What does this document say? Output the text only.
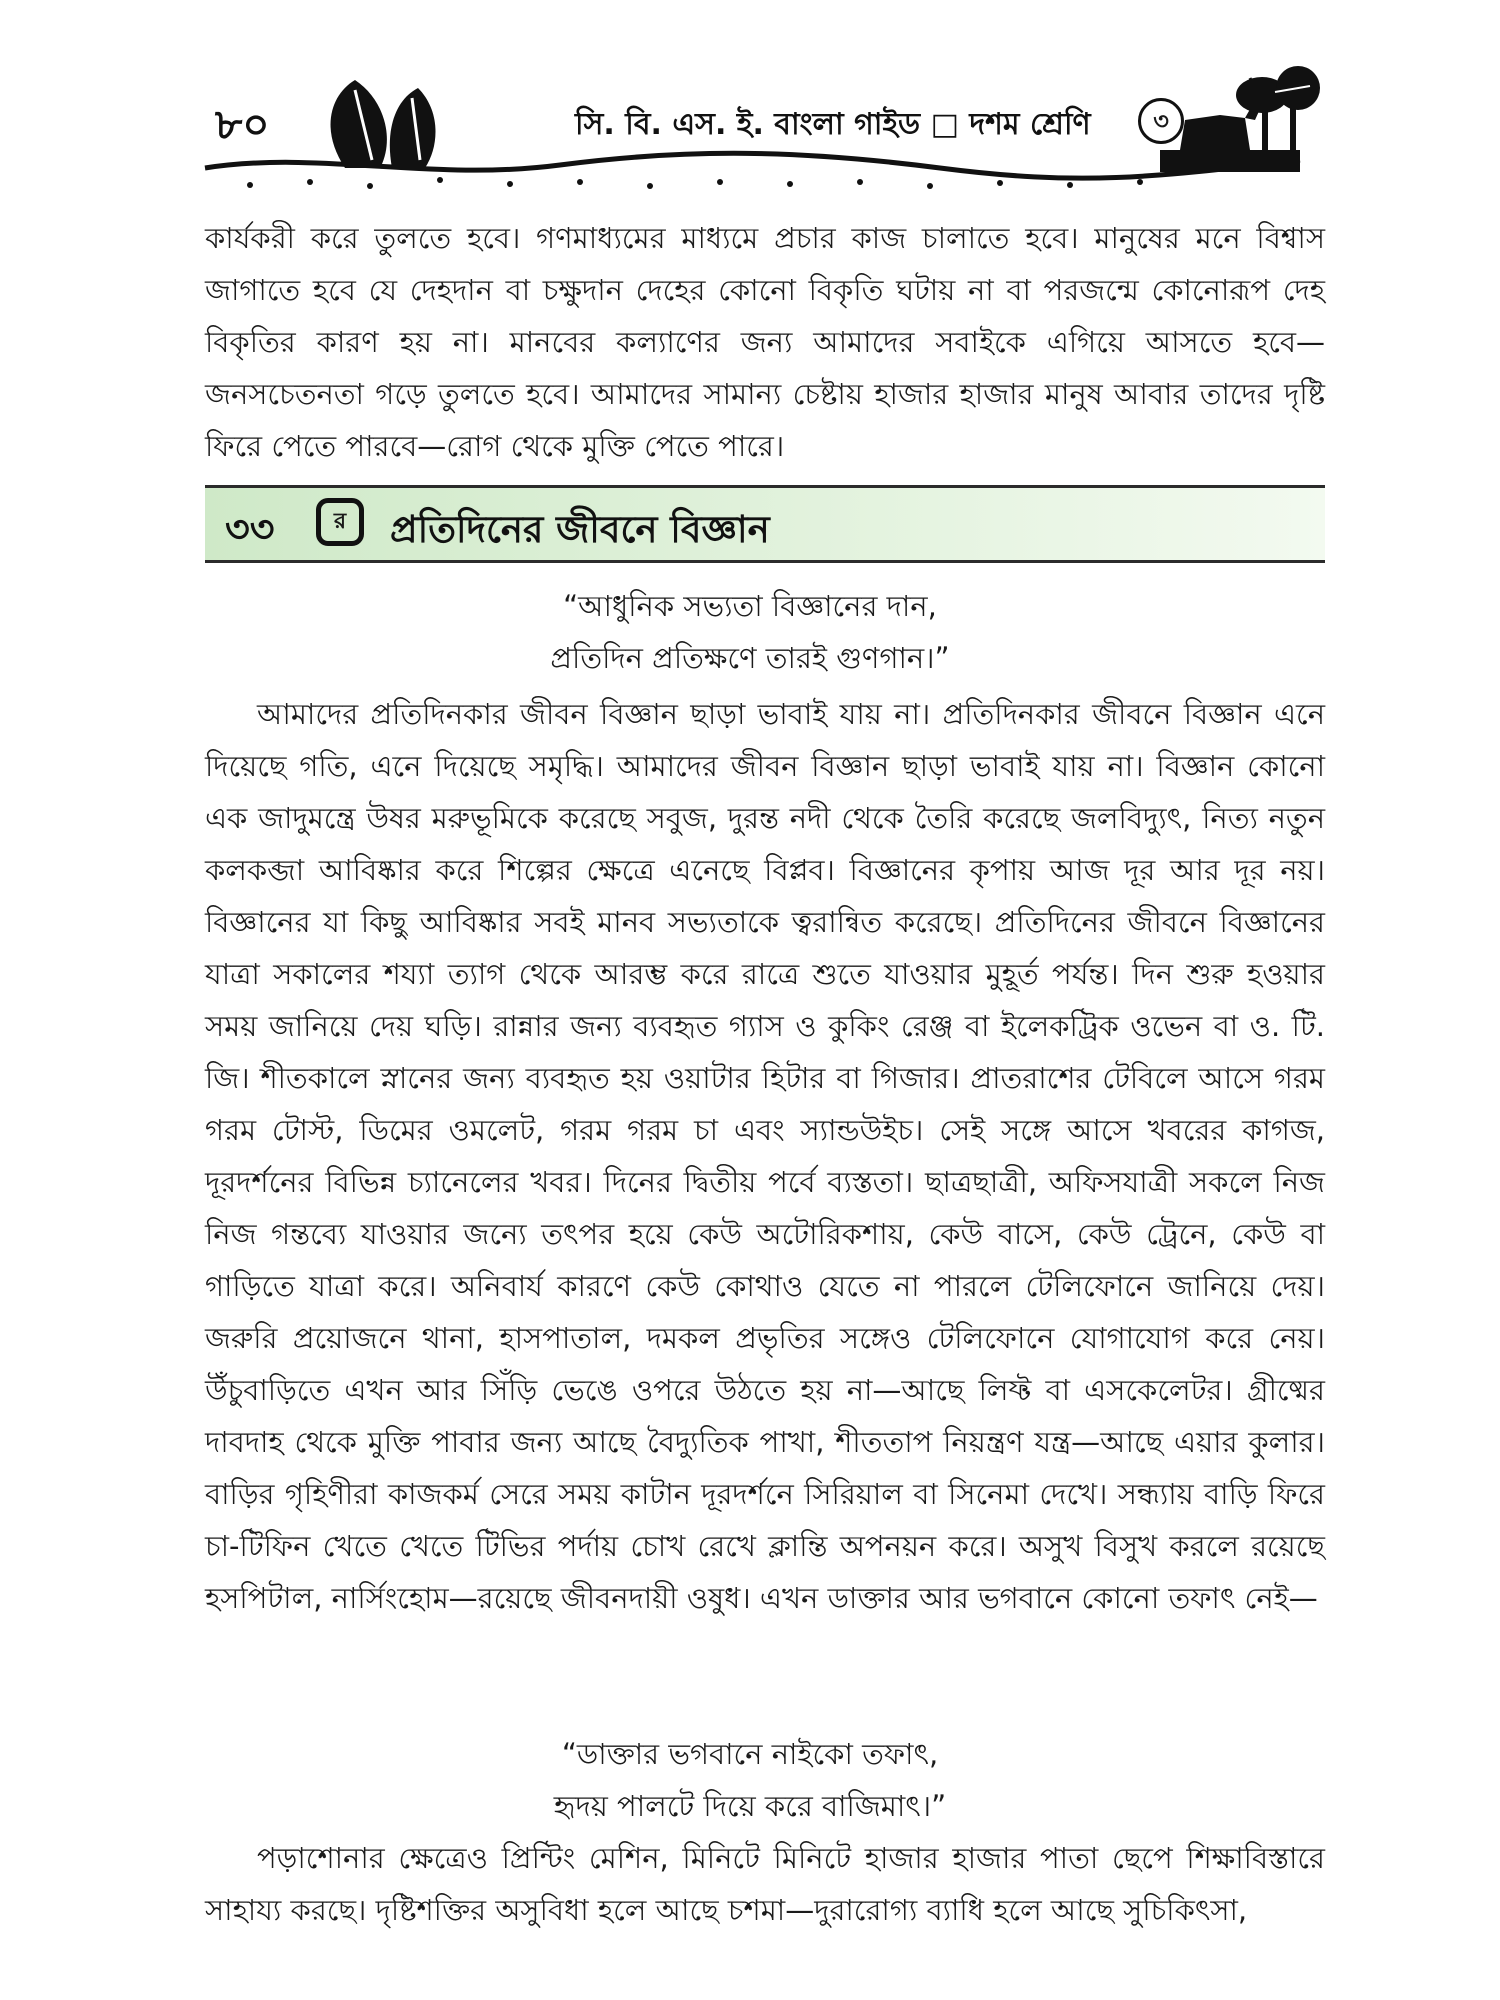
৮০	সি. বি. এস. ই. বাংলা গাইড □ দশম শ্রেণি	৩
কার্যকরী করে তুলতে হবে। গণমাধ্যমের মাধ্যমে প্রচার কাজ চালাতে হবে। মানুষের মনে বিশ্বাস জাগাতে হবে যে দেহদান বা চক্ষুদান দেহের কোনো বিকৃতি ঘটায় না বা পরজন্মে কোনোরূপ দেহ বিকৃতির কারণ হয় না। মানবের কল্যাণের জন্য আমাদের সবাইকে এগিয়ে আসতে হবে—জনসচেতনতা গড়ে তুলতে হবে। আমাদের সামান্য চেষ্টায় হাজার হাজার মানুষ আবার তাদের দৃষ্টি ফিরে পেতে পারবে—রোগ থেকে মুক্তি পেতে পারে।
৩৩	র	প্রতিদিনের জীবনে বিজ্ঞান
“আধুনিক সভ্যতা বিজ্ঞানের দান,
প্রতিদিন প্রতিক্ষণে তারই গুণগান।”
আমাদের প্রতিদিনকার জীবন বিজ্ঞান ছাড়া ভাবাই যায় না। প্রতিদিনকার জীবনে বিজ্ঞান এনে দিয়েছে গতি, এনে দিয়েছে সমৃদ্ধি। আমাদের জীবন বিজ্ঞান ছাড়া ভাবাই যায় না। বিজ্ঞান কোনো এক জাদুমন্ত্রে উষর মরুভূমিকে করেছে সবুজ, দুরন্ত নদী থেকে তৈরি করেছে জলবিদ্যুৎ, নিত্য নতুন কলকব্জা আবিষ্কার করে শিল্পের ক্ষেত্রে এনেছে বিপ্লব। বিজ্ঞানের কৃপায় আজ দূর আর দূর নয়। বিজ্ঞানের যা কিছু আবিষ্কার সবই মানব সভ্যতাকে ত্বরান্বিত করেছে। প্রতিদিনের জীবনে বিজ্ঞানের যাত্রা সকালের শয্যা ত্যাগ থেকে আরম্ভ করে রাত্রে শুতে যাওয়ার মুহূর্ত পর্যন্ত। দিন শুরু হওয়ার সময় জানিয়ে দেয় ঘড়ি। রান্নার জন্য ব্যবহৃত গ্যাস ও কুকিং রেঞ্জ বা ইলেকট্রিক ওভেন বা ও. টি. জি। শীতকালে স্নানের জন্য ব্যবহৃত হয় ওয়াটার হিটার বা গিজার। প্রাতরাশের টেবিলে আসে গরম গরম টোস্ট, ডিমের ওমলেট, গরম গরম চা এবং স্যান্ডউইচ। সেই সঙ্গে আসে খবরের কাগজ, দূরদর্শনের বিভিন্ন চ্যানেলের খবর। দিনের দ্বিতীয় পর্বে ব্যস্ততা। ছাত্রছাত্রী, অফিসযাত্রী সকলে নিজ নিজ গন্তব্যে যাওয়ার জন্যে তৎপর হয়ে কেউ অটোরিকশায়, কেউ বাসে, কেউ ট্রেনে, কেউ বা গাড়িতে যাত্রা করে। অনিবার্য কারণে কেউ কোথাও যেতে না পারলে টেলিফোনে জানিয়ে দেয়। জরুরি প্রয়োজনে থানা, হাসপাতাল, দমকল প্রভৃতির সঙ্গেও টেলিফোনে যোগাযোগ করে নেয়। উঁচুবাড়িতে এখন আর সিঁড়ি ভেঙে ওপরে উঠতে হয় না—আছে লিফ্ট বা এসকেলেটর। গ্রীষ্মের দাবদাহ থেকে মুক্তি পাবার জন্য আছে বৈদ্যুতিক পাখা, শীততাপ নিয়ন্ত্রণ যন্ত্র—আছে এয়ার কুলার। বাড়ির গৃহিণীরা কাজকর্ম সেরে সময় কাটান দূরদর্শনে সিরিয়াল বা সিনেমা দেখে। সন্ধ্যায় বাড়ি ফিরে চা-টিফিন খেতে খেতে টিভির পর্দায় চোখ রেখে ক্লান্তি অপনয়ন করে। অসুখ বিসুখ করলে রয়েছে হসপিটাল, নার্সিংহোম—রয়েছে জীবনদায়ী ওষুধ। এখন ডাক্তার আর ভগবানে কোনো তফাৎ নেই—
“ডাক্তার ভগবানে নাইকো তফাৎ,
হৃদয় পালটে দিয়ে করে বাজিমাৎ।”
পড়াশোনার ক্ষেত্রেও প্রিন্টিং মেশিন, মিনিটে মিনিটে হাজার হাজার পাতা ছেপে শিক্ষাবিস্তারে সাহায্য করছে। দৃষ্টিশক্তির অসুবিধা হলে আছে চশমা—দুরারোগ্য ব্যাধি হলে আছে সুচিকিৎসা,
